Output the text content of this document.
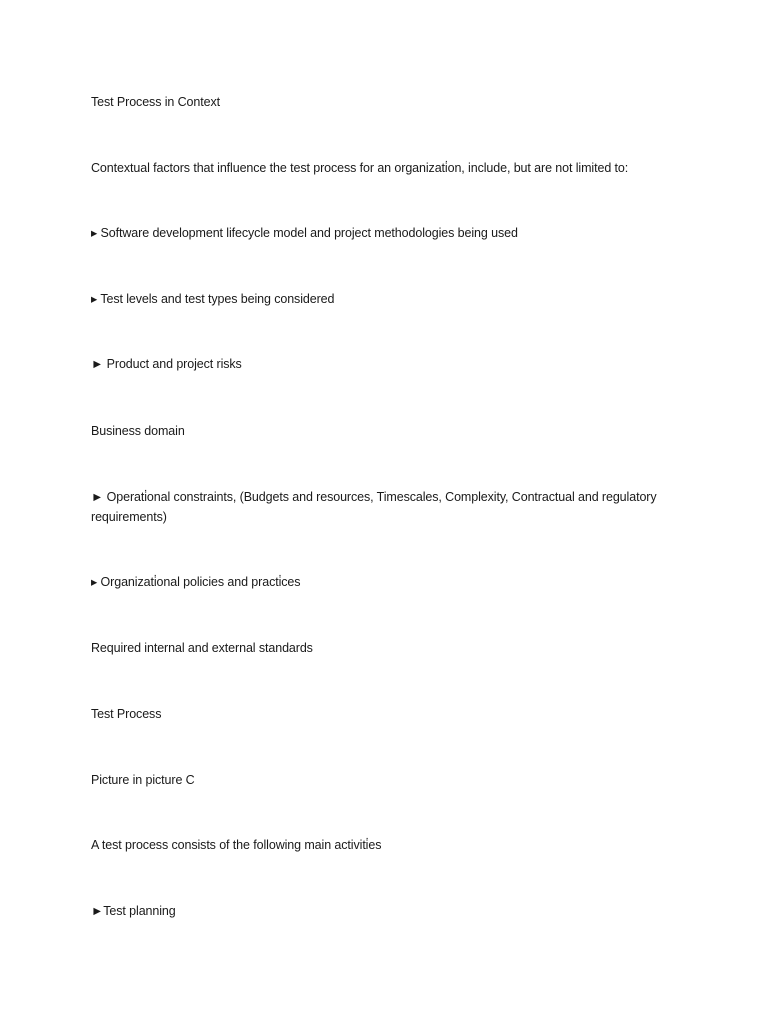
Test Process in Context

Contextual factors that influence the test process for an organizati̇on, include, but are not limited to:

▸ Software development lifecycle model and project methodologies being used

▸ Test levels and test types being considered

► Product and project risks

Business domain

► Operati̇onal constraints, (Budgets and resources, Timescales, Complexity, Contractual and regulatory requirements)

▸ Organizati̇onal policies and practi̇ces

Required internal and external standards

Test Process

Picture in picture C

A test process consists of the following main activiti̇es

►Test planning
